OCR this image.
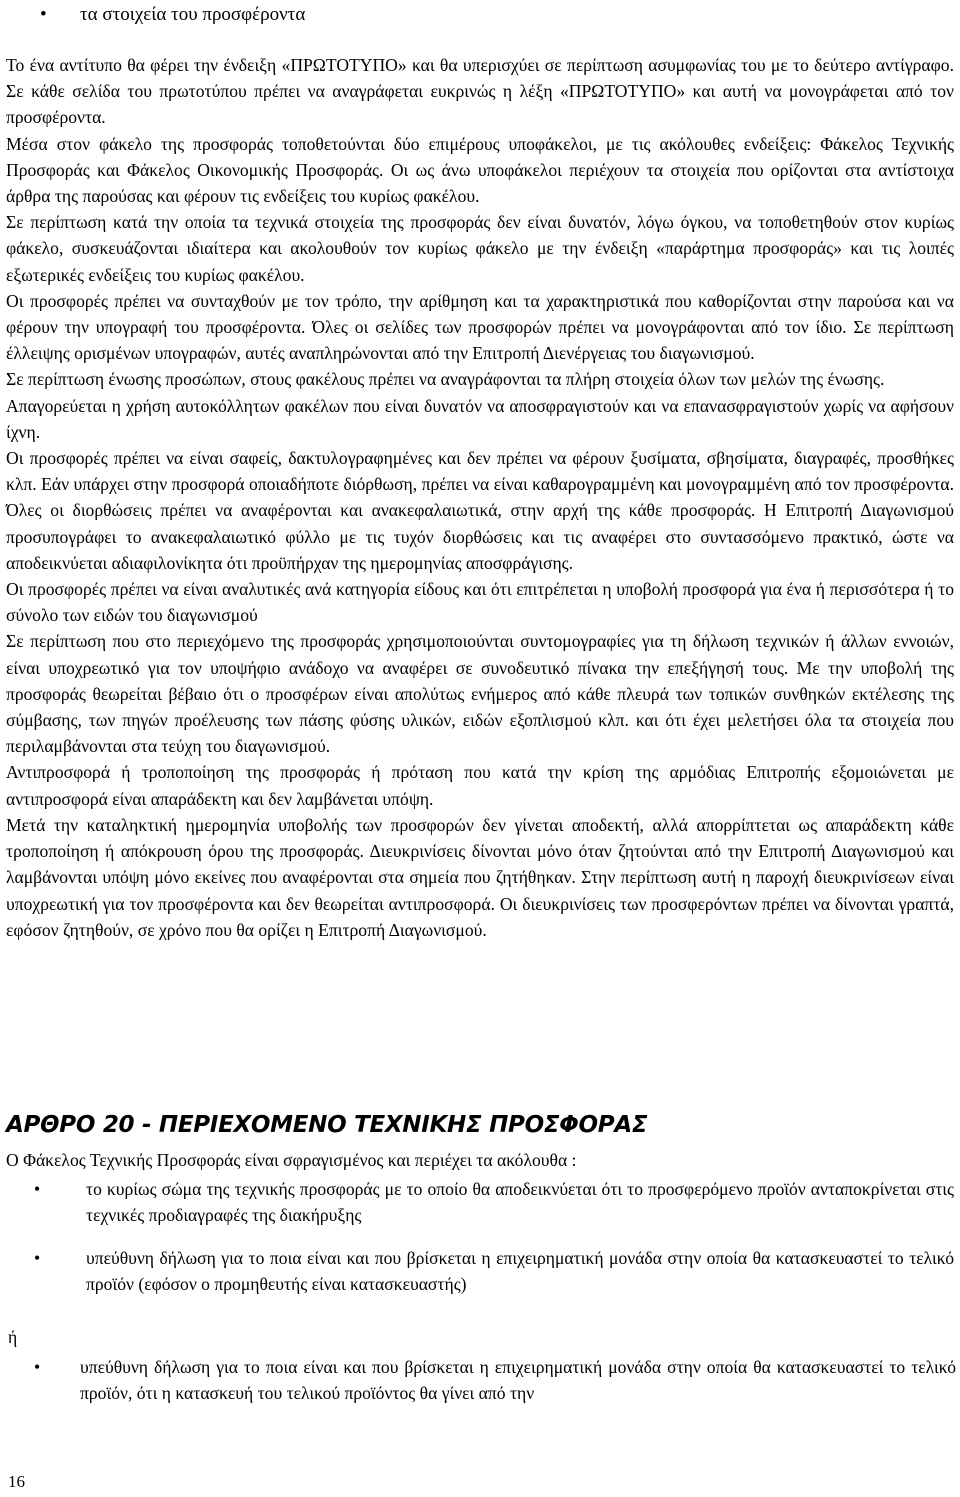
• τα στοιχεία του προσφέροντα

Το ένα αντίτυπο θα φέρει την ένδειξη «ΠΡΩΤΟΤΥΠΟ» και θα υπερισχύει σε περίπτωση ασυμφωνίας του με το δεύτερο αντίγραφο. Σε κάθε σελίδα του πρωτοτύπου πρέπει να αναγράφεται ευκρινώς η λέξη «ΠΡΩΤΟΤΥΠΟ» και αυτή να μονογράφεται από τον προσφέροντα.

Μέσα στον φάκελο της προσφοράς τοποθετούνται δύο επιμέρους υποφάκελοι, με τις ακόλουθες ενδείξεις: Φάκελος Τεχνικής Προσφοράς και Φάκελος Οικονομικής Προσφοράς. Οι ως άνω υποφάκελοι περιέχουν τα στοιχεία που ορίζονται στα αντίστοιχα άρθρα της παρούσας και φέρουν τις ενδείξεις του κυρίως φακέλου.

Σε περίπτωση κατά την οποία τα τεχνικά στοιχεία της προσφοράς δεν είναι δυνατόν, λόγω όγκου, να τοποθετηθούν στον κυρίως φάκελο, συσκευάζονται ιδιαίτερα και ακολουθούν τον κυρίως φάκελο με την ένδειξη «παράρτημα προσφοράς» και τις λοιπές εξωτερικές ενδείξεις του κυρίως φακέλου.

Οι προσφορές πρέπει να συνταχθούν με τον τρόπο, την αρίθμηση και τα χαρακτηριστικά που καθορίζονται στην παρούσα και να φέρουν την υπογραφή του προσφέροντα. Όλες οι σελίδες των προσφορών πρέπει να μονογράφονται από τον ίδιο. Σε περίπτωση έλλειψης ορισμένων υπογραφών, αυτές αναπληρώνονται από την Επιτροπή Διενέργειας του διαγωνισμού.

Σε περίπτωση ένωσης προσώπων, στους φακέλους πρέπει να αναγράφονται τα πλήρη στοιχεία όλων των μελών της ένωσης.

Απαγορεύεται η χρήση αυτοκόλλητων φακέλων που είναι δυνατόν να αποσφραγιστούν και να επανασφραγιστούν χωρίς να αφήσουν ίχνη.

Οι προσφορές πρέπει να είναι σαφείς, δακτυλογραφημένες και δεν πρέπει να φέρουν ξυσίματα, σβησίματα, διαγραφές, προσθήκες κλπ. Εάν υπάρχει στην προσφορά οποιαδήποτε διόρθωση, πρέπει να είναι καθαρογραμμένη και μονογραμμένη από τον προσφέροντα. Όλες οι διορθώσεις πρέπει να αναφέρονται και ανακεφαλαιωτικά, στην αρχή της κάθε προσφοράς. Η Επιτροπή Διαγωνισμού προσυπογράφει το ανακεφαλαιωτικό φύλλο με τις τυχόν διορθώσεις και τις αναφέρει στο συντασσόμενο πρακτικό, ώστε να αποδεικνύεται αδιαφιλονίκητα ότι προϋπήρχαν της ημερομηνίας αποσφράγισης.

Οι προσφορές πρέπει να είναι αναλυτικές ανά κατηγορία είδους και ότι επιτρέπεται η υποβολή προσφορά για ένα ή περισσότερα ή το σύνολο των ειδών του διαγωνισμού

Σε περίπτωση που στο περιεχόμενο της προσφοράς χρησιμοποιούνται συντομογραφίες για τη δήλωση τεχνικών ή άλλων εννοιών, είναι υποχρεωτικό για τον υποψήφιο ανάδοχο να αναφέρει σε συνοδευτικό πίνακα την επεξήγησή τους. Με την υποβολή της προσφοράς θεωρείται βέβαιο ότι ο προσφέρων είναι απολύτως ενήμερος από κάθε πλευρά των τοπικών συνθηκών εκτέλεσης της σύμβασης, των πηγών προέλευσης των πάσης φύσης υλικών, ειδών εξοπλισμού κλπ. και ότι έχει μελετήσει όλα τα στοιχεία που περιλαμβάνονται στα τεύχη του διαγωνισμού.

Αντιπροσφορά ή τροποποίηση της προσφοράς ή πρόταση που κατά την κρίση της αρμόδιας Επιτροπής εξομοιώνεται με αντιπροσφορά είναι απαράδεκτη και δεν λαμβάνεται υπόψη.

Μετά την καταληκτική ημερομηνία υποβολής των προσφορών δεν γίνεται αποδεκτή, αλλά απορρίπτεται ως απαράδεκτη κάθε τροποποίηση ή απόκρουση όρου της προσφοράς. Διευκρινίσεις δίνονται μόνο όταν ζητούνται από την Επιτροπή Διαγωνισμού και λαμβάνονται υπόψη μόνο εκείνες που αναφέρονται στα σημεία που ζητήθηκαν. Στην περίπτωση αυτή η παροχή διευκρινίσεων είναι υποχρεωτική για τον προσφέροντα και δεν θεωρείται αντιπροσφορά. Οι διευκρινίσεις των προσφερόντων πρέπει να δίνονται γραπτά, εφόσον ζητηθούν, σε χρόνο που θα ορίζει η Επιτροπή Διαγωνισμού.

ΑΡΘΡΟ 20 - ΠΕΡΙΕΧΟΜΕΝΟ ΤΕΧΝΙΚΗΣ ΠΡΟΣΦΟΡΑΣ

Ο Φάκελος Τεχνικής Προσφοράς είναι σφραγισμένος και περιέχει τα ακόλουθα :

•	το κυρίως σώμα της τεχνικής προσφοράς με το οποίο θα αποδεικνύεται ότι το προσφερόμενο προϊόν ανταποκρίνεται στις τεχνικές προδιαγραφές της διακήρυξης
•	υπεύθυνη δήλωση για το ποια είναι και που βρίσκεται η επιχειρηματική μονάδα στην οποία θα κατασκευαστεί το τελικό προϊόν (εφόσον ο προμηθευτής είναι κατασκευαστής)
ή
• υπεύθυνη δήλωση για το ποια είναι και που βρίσκεται η επιχειρηματική μονάδα στην οποία θα κατασκευαστεί το τελικό προϊόν, ότι η κατασκευή του τελικού προϊόντος θα γίνει από την
16
